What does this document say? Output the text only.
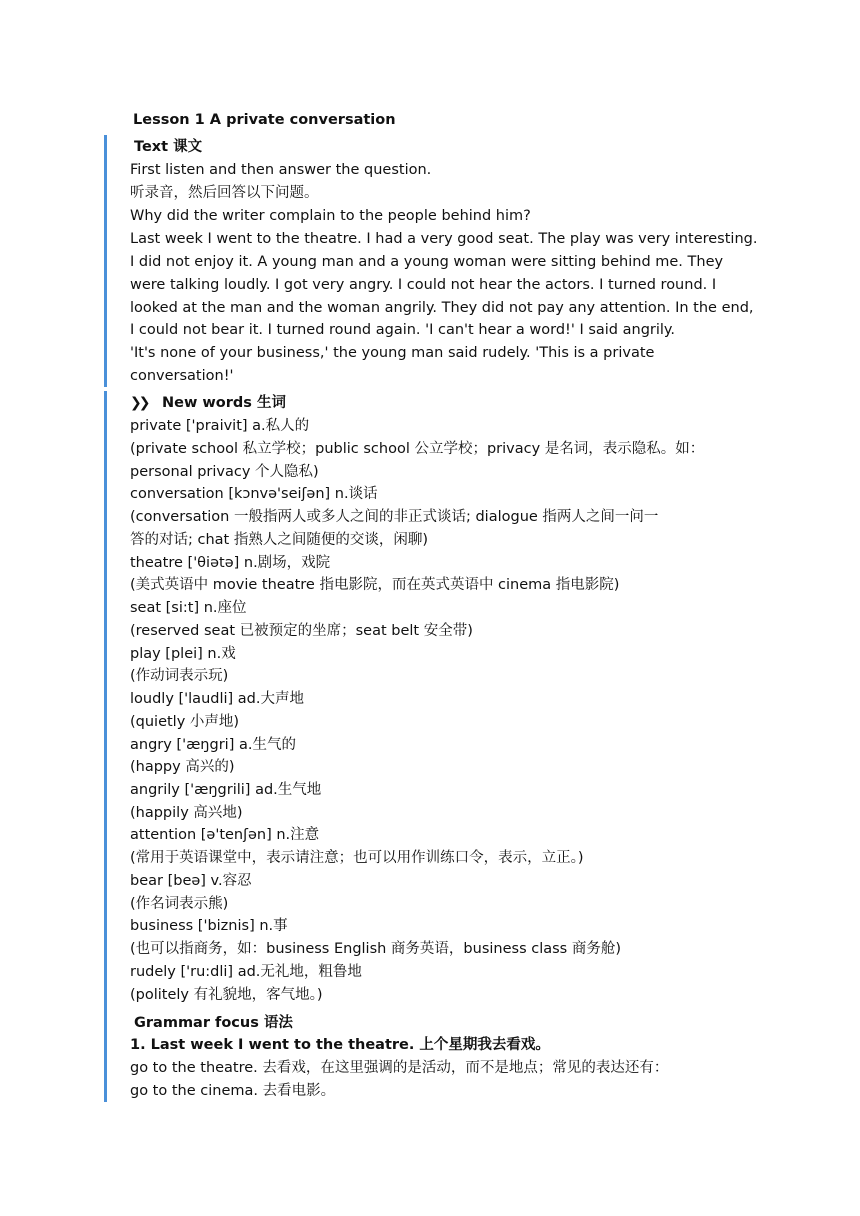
Lesson 1 A private conversation
Text 课文
First listen and then answer the question.
听录音，然后回答以下问题。
Why did the writer complain to the people behind him?
Last week I went to the theatre. I had a very good seat. The play was very interesting.
I did not enjoy it. A young man and a young woman were sitting behind me. They
were talking loudly. I got very angry. I could not hear the actors. I turned round. I
looked at the man and the woman angrily. They did not pay any attention. In the end,
I could not bear it. I turned round again. 'I can't hear a word!' I said angrily.
'It's none of your business,' the young man said rudely. 'This is a private
conversation!'
❯❯ New words 生词
private ['praivit] a.私人的
(private school 私立学校；public school 公立学校；privacy 是名词，表示隐私。如：
personal privacy 个人隐私)
conversation [kɔnvə'seiʃən] n.谈话
(conversation 一般指两人或多人之间的非正式谈话; dialogue 指两人之间一问一
答的对话; chat 指熟人之间随便的交谈，闲聊)
theatre ['θiətə] n.剧场，戏院
(美式英语中 movie theatre 指电影院，而在英式英语中 cinema 指电影院)
seat [si:t] n.座位
(reserved seat 已被预定的坐席；seat belt 安全带)
play [plei] n.戏
(作动词表示玩)
loudly ['laudli] ad.大声地
(quietly 小声地)
angry ['æŋgri] a.生气的
(happy 高兴的)
angrily ['æŋgrili] ad.生气地
(happily 高兴地)
attention [ə'tenʃən] n.注意
(常用于英语课堂中，表示请注意；也可以用作训练口令，表示，立正。)
bear [beə] v.容忍
(作名词表示熊)
business ['biznis] n.事
(也可以指商务，如：business English 商务英语，business class 商务舱)
rudely ['ru:dli] ad.无礼地，粗鲁地
(politely 有礼貌地，客气地。)
Grammar focus 语法
1. Last week I went to the theatre. 上个星期我去看戏。
go to the theatre. 去看戏，在这里强调的是活动，而不是地点；常见的表达还有：
go to the cinema. 去看电影。
